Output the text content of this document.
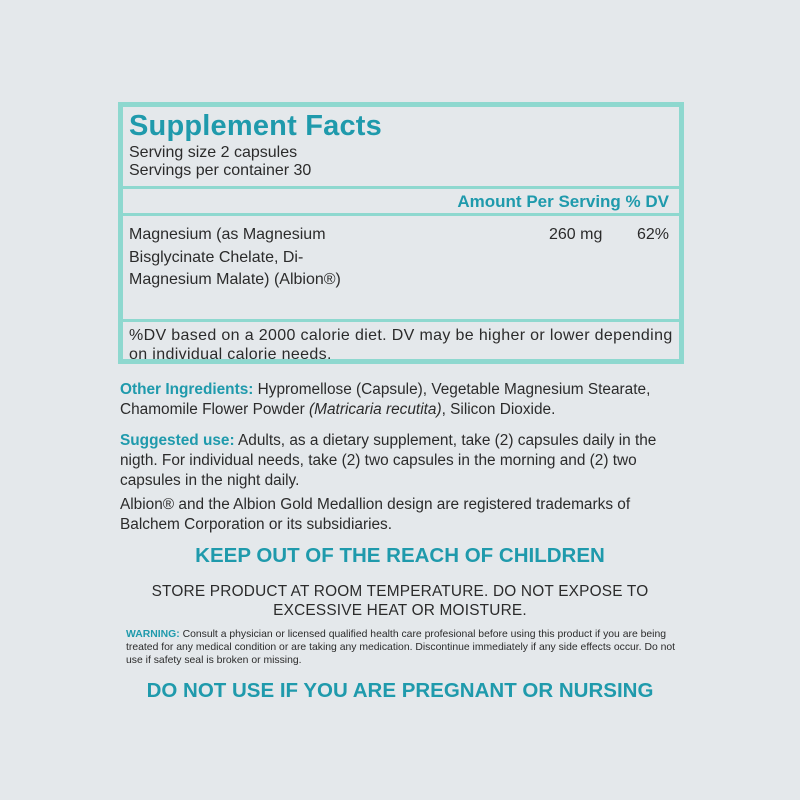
Supplement Facts
Serving size 2 capsules
Servings per container 30
Amount Per Serving % DV
Magnesium (as Magnesium Bisglycinate Chelate, Di-Magnesium Malate) (Albion®)
260 mg 62%
%DV based on a 2000 calorie diet. DV may be higher or lower depending on individual calorie needs.
Other Ingredients: Hypromellose (Capsule), Vegetable Magnesium Stearate, Chamomile Flower Powder (Matricaria recutita), Silicon Dioxide.
Suggested use: Adults, as a dietary supplement, take (2) capsules daily in the nigth. For individual needs, take (2) two capsules in the morning and (2) two capsules in the night daily.
Albion® and the Albion Gold Medallion design are registered trademarks of Balchem Corporation or its subsidiaries.
KEEP OUT OF THE REACH OF CHILDREN
STORE PRODUCT AT ROOM TEMPERATURE. DO NOT EXPOSE TO EXCESSIVE HEAT OR MOISTURE.
WARNING: Consult a physician or licensed qualified health care profesional before using this product if you are being treated for any medical condition or are taking any medication. Discontinue immediately if any side effects occur. Do not use if safety seal is broken or missing.
DO NOT USE IF YOU ARE PREGNANT OR NURSING
